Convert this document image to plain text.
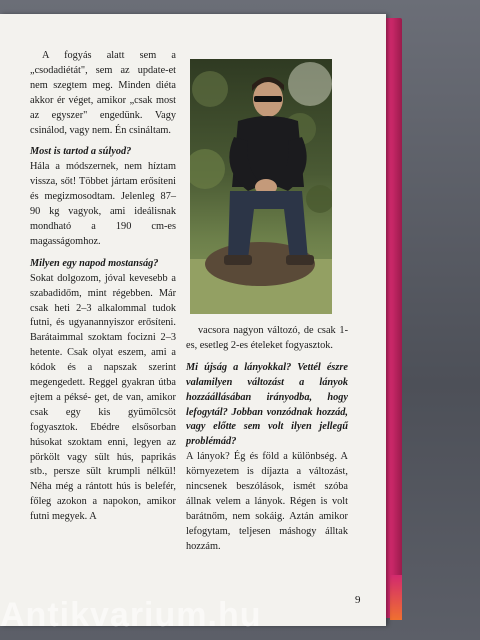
A fogyás alatt sem a „csodadiétát", sem az update-et nem szegtem meg. Minden diéta akkor ér véget, amikor „csak most az egyszer" engedünk. Vagy csinálod, vagy nem. Én csináltam.

Most is tartod a súlyod?

Hála a módszernek, nem híztam vissza, sőt! Többet jártam erősíteni és megizmosodtam. Jelenleg 87–90 kg vagyok, ami ideálisnak mondható a 190 cm-es magasságomhoz.

Milyen egy napod mostanság?

Sokat dolgozom, jóval kevesebb a szabadidőm, mint régebben. Már csak heti 2–3 alkalommal tudok futni, és ugyanannyiszor erősíteni. Barátaimmal szoktam focizni 2–3 hetente. Csak olyat eszem, ami a kódok és a napszak szerint megengedett. Reggel gyakran útba ejtem a péksé- get, de van, amikor csak egy kis gyümölcsöt fogyasztok. Ebédre elsősorban húsokat szoktam enni, legyen az pörkölt vagy sült hús, paprikás stb., persze sült krumpli nélkül! Néha még a rántott hús is belefér, főleg azokon a napokon, amikor futni megyek. A

vacsora nagyon változó, de csak 1-es, esetleg 2-es ételeket fogyasztok.

Mi újság a lányokkal? Vettél észre valamilyen változást a lányok hozzáállásában irányodba, hogy lefogytál? Jobban vonzódnak hozzád, vagy előtte sem volt ilyen jellegű problémád?

A lányok? Ég és föld a különbség. A környezetem is díjazta a változást, nincsenek beszólások, ismét szóba állnak velem a lányok. Régen is volt barátnőm, nem sokáig. Aztán amikor lefogytam, teljesen máshogy álltak hozzám.

9
Antikvarium.hu
